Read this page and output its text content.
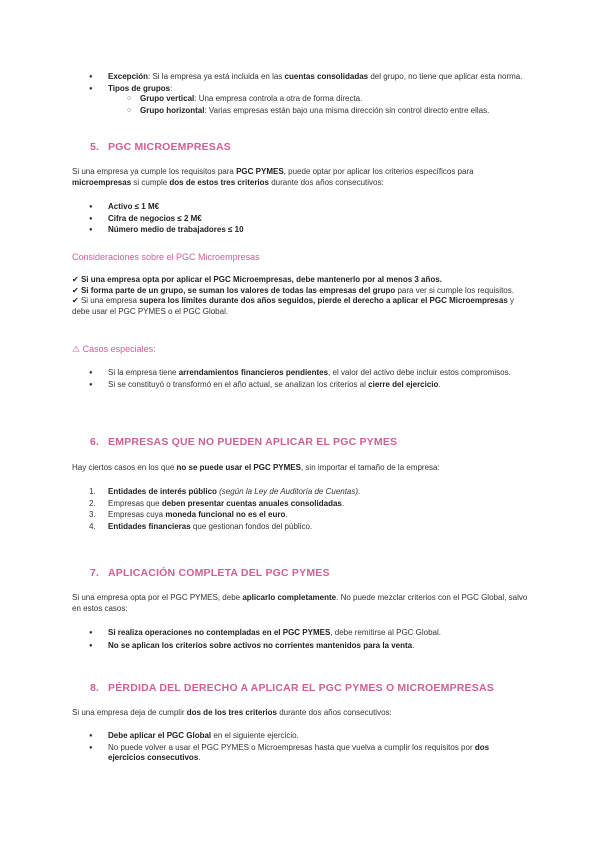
● Excepción: Si la empresa ya está incluida en las cuentas consolidadas del grupo, no tiene que aplicar esta norma.
● Tipos de grupos:
○ Grupo vertical: Una empresa controla a otra de forma directa.
○ Grupo horizontal: Varias empresas están bajo una misma dirección sin control directo entre ellas.
5. PGC MICROEMPRESAS

Si una empresa ya cumple los requisitos para PGC PYMES, puede optar por aplicar los criterios específicos para microempresas si cumple dos de estos tres criterios durante dos años consecutivos:

● Activo ≤ 1 M€
● Cifra de negocios ≤ 2 M€
● Número medio de trabajadores ≤ 10
Consideraciones sobre el PGC Microempresas

✔ Si una empresa opta por aplicar el PGC Microempresas, debe mantenerlo por al menos 3 años.

✔ Si forma parte de un grupo, se suman los valores de todas las empresas del grupo para ver si cumple los requisitos.

✔ Si una empresa supera los límites durante dos años seguidos, pierde el derecho a aplicar el PGC Microempresas y debe usar el PGC PYMES o el PGC Global.

⚠ Casos especiales:
● Si la empresa tiene arrendamientos financieros pendientes, el valor del activo debe incluir estos compromisos.
● Si se constituyó o transformó en el año actual, se analizan los criterios al cierre del ejercicio.
6. EMPRESAS QUE NO PUEDEN APLICAR EL PGC PYMES

Hay ciertos casos en los que no se puede usar el PGC PYMES, sin importar el tamaño de la empresa:

1. Entidades de interés público (según la Ley de Auditoría de Cuentas).
2. Empresas que deben presentar cuentas anuales consolidadas.
3. Empresas cuya moneda funcional no es el euro.
4. Entidades financieras que gestionan fondos del público.
7. APLICACIÓN COMPLETA DEL PGC PYMES

Si una empresa opta por el PGC PYMES, debe aplicarlo completamente. No puede mezclar criterios con el PGC Global, salvo en estos casos:

● Si realiza operaciones no contempladas en el PGC PYMES, debe remitirse al PGC Global.
● No se aplican los criterios sobre activos no corrientes mantenidos para la venta.
8. PÉRDIDA DEL DERECHO A APLICAR EL PGC PYMES O MICROEMPRESAS

Si una empresa deja de cumplir dos de los tres criterios durante dos años consecutivos:

● Debe aplicar el PGC Global en el siguiente ejercicio.
● No puede volver a usar el PGC PYMES o Microempresas hasta que vuelva a cumplir los requisitos por dos ejercicios consecutivos.
